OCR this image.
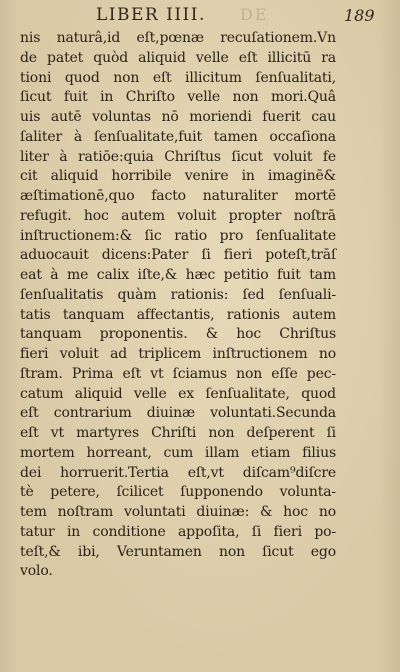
LIBER IIII. DE	189
nis naturâ,id eſt,pœnæ recuſationem.Vn
de patet quòd aliquid velle eſt illicitū ra
tioni quod non eſt illicitum ſenſualitati,
ſicut fuit in Chriſto velle non mori.Quâ
uis autē voluntas nō moriendi fuerit cau
ſaliter à ſenſualitate,fuit tamen occaſiona
liter à ratiōe:quia Chriſtus ſicut voluit fe
cit aliquid horribile venire in imaginē&
æſtimationē,quo facto naturaliter mortē
refugit. hoc autem voluit propter noſtrā
inſtructionem:& ſic ratio pro ſenſualitate
aduocauit dicens:Pater ſi fieri poteſt,trāſ
eat à me calix iſte,& hæc petitio fuit tam
ſenſualitatis quàm rationis: ſed ſenſuali-
tatis tanquam affectantis, rationis autem
tanquam proponentis. & hoc Chriſtus
fieri voluit ad triplicem inſtructionem no
ſtram. Prima eſt vt ſciamus non eſſe pec-
catum aliquid velle ex ſenſualitate, quod
eſt contrarium diuinæ voluntati.Secunda
eſt vt martyres Chriſti non deſperent ſi
mortem horreant, cum illam etiam filius
dei horruerit.Tertia eſt,vt diſcam⁹diſcre
tè petere, ſcilicet ſupponendo volunta-
tem noſtram voluntati diuinæ: & hoc no
tatur in conditione appoſita, ſi fieri po-
teſt,& ibi, Veruntamen non ſicut ego
volo.
